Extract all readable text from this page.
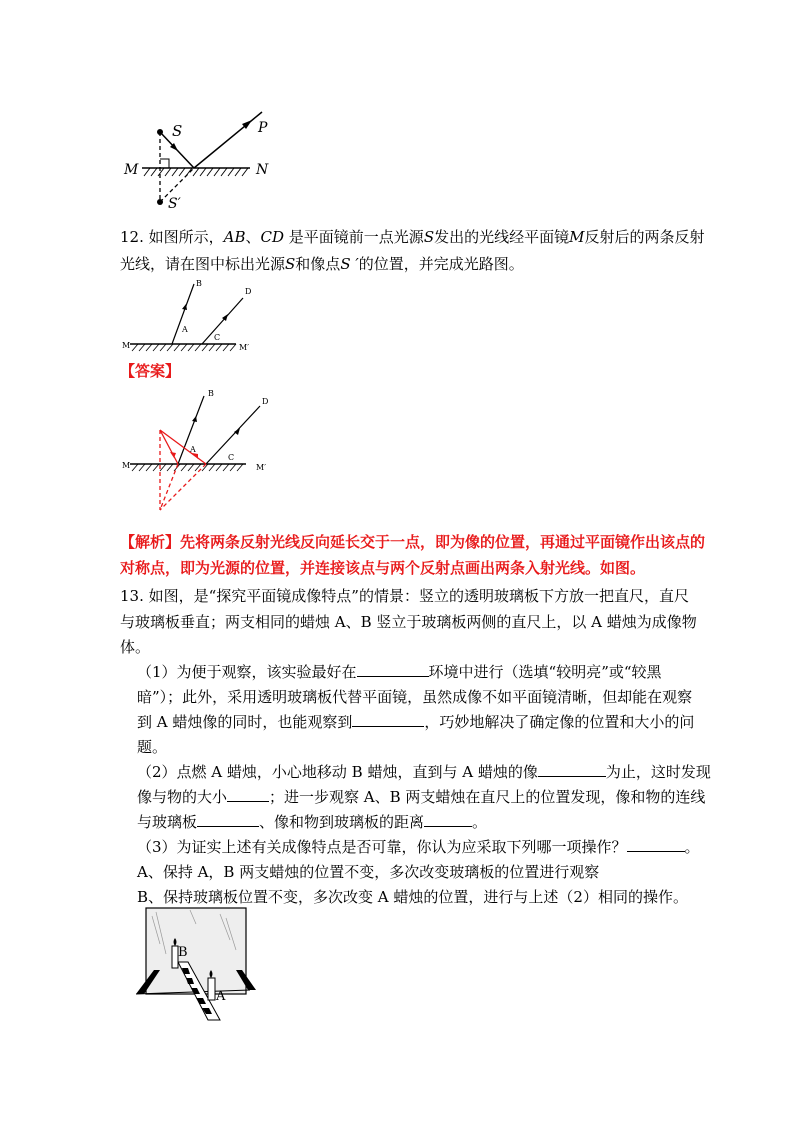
S	P
M	N
S′
12. 如图所示，AB、CD 是平面镜前一点光源S发出的光线经平面镜M反射后的两条反射
光线，请在图中标出光源S和像点S ′的位置，并完成光路图。
B
D
A
C
M	M′
【答案】
B
D
A
C
M	M′
【解析】先将两条反射光线反向延长交于一点，即为像的位置，再通过平面镜作出该点的
对称点，即为光源的位置，并连接该点与两个反射点画出两条入射光线。如图。
13. 如图，是“探究平面镜成像特点”的情景：竖立的透明玻璃板下方放一把直尺，直尺
与玻璃板垂直；两支相同的蜡烛 A、B 竖立于玻璃板两侧的直尺上，以 A 蜡烛为成像物
体。
（1）为便于观察，该实验最好在	环境中进行（选填“较明亮”或“较黑
暗”）；此外，采用透明玻璃板代替平面镜，虽然成像不如平面镜清晰，但却能在观察
到 A 蜡烛像的同时，也能观察到	，巧妙地解决了确定像的位置和大小的问
题。
（2）点燃 A 蜡烛，小心地移动 B 蜡烛，直到与 A 蜡烛的像	为止，这时发现
像与物的大小	；进一步观察 A、B 两支蜡烛在直尺上的位置发现，像和物的连线
与玻璃板	、像和物到玻璃板的距离	。
（3）为证实上述有关成像特点是否可靠，你认为应采取下列哪一项操作？	。
A、保持 A，B 两支蜡烛的位置不变，多次改变玻璃板的位置进行观察
B、保持玻璃板位置不变，多次改变 A 蜡烛的位置，进行与上述（2）相同的操作。
B
A
